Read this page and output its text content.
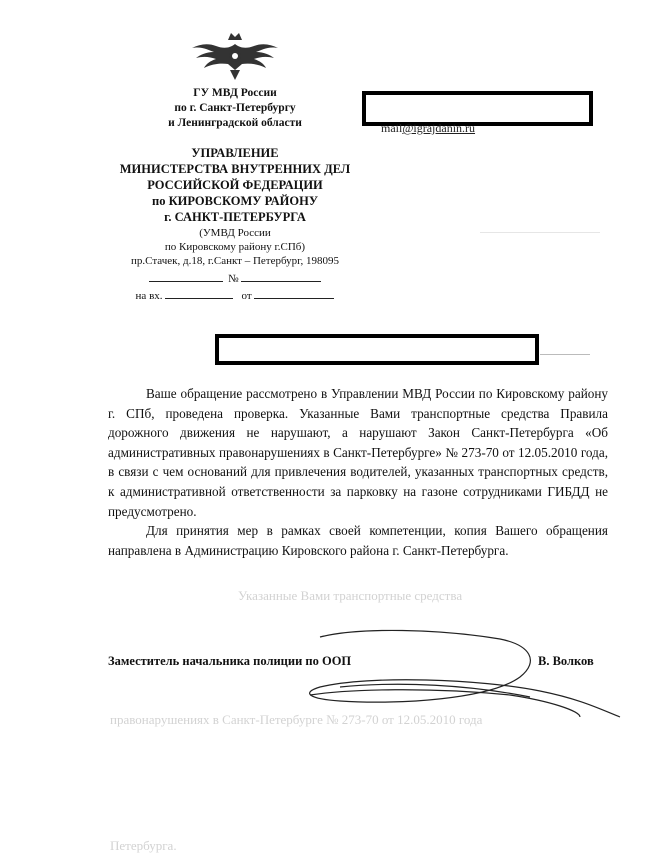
ГУ МВД России
по г. Санкт-Петербургу
и Ленинградской области
УПРАВЛЕНИЕ
МИНИСТЕРСТВА ВНУТРЕННИХ ДЕЛ
РОССИЙСКОЙ ФЕДЕРАЦИИ
по КИРОВСКОМУ РАЙОНУ
г. САНКТ-ПЕТЕРБУРГА
(УМВД России
по Кировскому району г.СПб)
пр.Стачек, д.18, г.Санкт – Петербург, 198095
№
на вх.	от
mail@igrajdanin.ru

Ваше обращение рассмотрено в Управлении МВД России по Кировскому району г. СПб, проведена проверка. Указанные Вами транспортные средства Правила дорожного движения не нарушают, а нарушают Закон Санкт-Петербурга «Об административных правонарушениях в Санкт-Петербурге» № 273-70 от 12.05.2010 года, в связи с чем оснований для привлечения водителей, указанных транспортных средств, к административной ответственности за парковку на газоне сотрудниками ГИБДД не предусмотрено.

Для принятия мер в рамках своей компетенции, копия Вашего обращения направлена в Администрацию Кировского района г. Санкт-Петербурга.

Указанные Вами транспортные средства
правонарушениях в Санкт-Петербурге № 273-70 от 12.05.2010 года
Петербурга.
Заместитель начальника полиции по ООП	В. Волков
